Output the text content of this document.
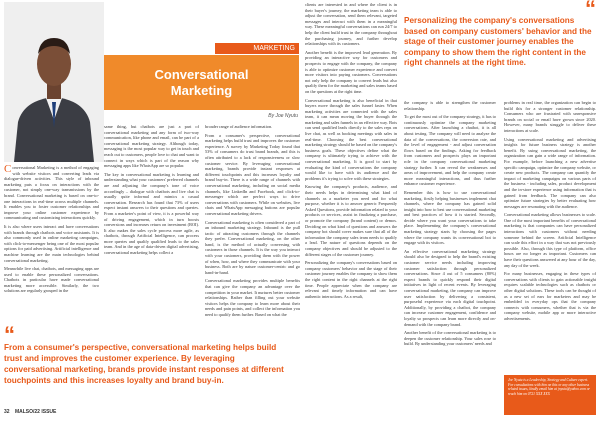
MARKETING
Conversational
Marketing
By Joe Nyutu

Conversational Marketing is a method of engaging with website visitors and converting leads via dialogue-driven activities. This style of inbound marketing puts a focus on interactions with the customer, not simply one-way transmissions by the brand. Conversational marketing is based on one-to-one interactions in real-time across multiple channels. It enables you to foster customer relationships and improve your online customer experience by communicating and customizing interactions quickly.

It is also where users interact and have conversations with brands through chatbots and voice assistants. It is also commonly used in online marketing campaigns, with click-to-messenger being one of the most popular options for paid advertising. Artificial intelligence and machine learning are the main technologies behind conversational marketing.

Meanwhile live chat, chatbots, and messaging apps are used to enable these personalized conversations. Chatbots in particular have made conversational marketing more accessible. Similarly, the two solutions are regularly grouped in the

same thing, but chatbots are just a part of conversational marketing and any form of two-way communication, like phone and email, can be part of a conversational marketing strategy. Although today, messaging is the most popular way to get in touch and reach out to customers, people love to chat and want to connect in ways which is part of the reason why messaging apps like WhatsApp are so popular.

The key in conversational marketing is learning and understanding what your customers' preferred channels are and adjusting the company's tone of voice accordingly – dialogue with chatbots and live chat is usually quite informal and mimics a casual conversation. Research has found that 73% of users expect instant answers to their questions and queries. From a marketer's point of view, it is a powerful way of driving engagement, which in turn boosts conversions and increases return on investment (ROI). It also makes the sales cycle process more agile, as chatbots, through Artificial Intelligence, can process more queries and qualify qualified leads to the sales team. And in the age of data-driven digital advertising, conversational marketing helps collect a

broader range of audience information.

From a consumer's perspective, conversational marketing helps build trust and improves the customer experience. A survey by Marketing Today found that 53% of consumers do trust brand brands, and this is often attributed to a lack of responsiveness or slow customer service. By leveraging conversational marketing, brands provide instant responses at different touchpoints and this increases loyalty and brand buy-in. There is a wide range of channels with conversational marketing, including on social media channels, like LinkedIn and Facebook, and click-to-messenger which are perfect ways to drive conversations with customers. While on websites, live chats and WhatsApp messaging buttons are popular conversational marketing drivers.

Conversational marketing is often considered a part of an inbound marketing strategy. Inbound is the pull tactic of attracting customers through the channels they prefer. Conversational marketing, on the other hand, is the method of actually conversing with customers in those channels. It is the way you interact with your customers, providing them with the power of when, how, and where they communicate with your business. Both are by nature customer-centric and go hand-in-hand.

Conversational marketing provides multiple benefits that can give the company an advantage over the competition in your market. It nurtures better customer relationships. Rather than filling out your website visitors helps the company to learn more about their needs and pain points, and collect the information you need to qualify them further. Based on what the

“
From a consumer's perspective, conversational marketing helps build trust and improves the customer experience. By leveraging conversational marketing, brands provide instant responses at different touchpoints and this increases loyalty and brand buy-in.

clients are interested in and where the client is in their buyer's journey, the marketing team is able to adjust the conversation, send them relevant, targeted messages and interact with them in a meaningful way. These meaningful conversations can run 24/7 to help the client build trust in the company throughout the purchasing journey, and further develop relationships with its customers.

Another benefit is the improved lead generation. By providing an interactive way for customers and prospects to engage with the company, the company is able to optimize customer experience and convert more visitors into paying customers. Conversations not only help the company to convert leads but also qualify them for the marketing and sales teams based on the questions at the right time.

Conversational marketing is also beneficial in that buyers move through the sales funnel faster. When marketing activities are connected with the sales team, it can mean moving the buyer through the marketing and sales funnels in an effective way. Bots can send qualified leads directly to the sales reps on live chat, as well as booking meetings with sales in real-time. Choosing the best conversational marketing strategy should be based on the company's business goals. These objectives define what the company is ultimately trying to achieve with the conversational marketing. It is good to start by evaluating the kind of conversations the company would like to have with its audience and the problems it's trying to solve with these strategies.

Knowing the company's products, audience, and their needs helps in determining what kind of channels as a marketer you need and for what purpose, whether it is to answer generic Frequently Asked Questions, provide information related to your products or services, assist in finalizing a purchase, or promote the company (brand content) or demos. Deciding on what kind of questions and answers the company bot should cover makes sure that all of the information the company sales team needs to qualify a lead. The nature of questions depends on the company objectives and should be adjusted to the different stages of the customer journey.

Personalizing the company's conversations based on company customers' behavior and the stage of their customer journey enables the company to show them the right content in the right channels at the right time. People appreciate when the company are relevant and timely information and can have authentic interactions. As a result,

“
Personalizing the company's conversations based on company customers' behavior and the stage of their customer journey enables the company to show them the right content in the right channels at the right time.

the company is able to strengthen the customer relationship.

To get the most out of the company strategy, it has to continuously optimize the company marketing conversations. After launching a chatbot, it is all about testing. The company will need to analyze the data of the conversations, the conversion rate, and the level of engagement - and adjust conversation flows based on the findings. Asking for feedback from customers and prospects plays an important role in the company conversational marketing strategy further. It can reveal the weaknesses and areas of improvement, and help the company create more meaningful interactions, and thus further enhance customer experience.

Remember this is how to use conversational marketing, firstly helping businesses implement chat channels, where the company has gained solid insight into how to best use conversational marketing and best practices of how it is started. Secondly, decide where you want your conversations to take place. Implementing the company's conversational marketing strategy starts by choosing the pages where the company wants its conversational bot to engage with its visitors.

An effective conversational marketing strategy should also be designed to help the brand's existing customer service needs including improving customer satisfaction through personalized conversations. Since 4 out of 5 consumers (80%) expect brands to quickly respond their digital initiatives in light of recent events. By leveraging conversational marketing, the company can improve user satisfaction by delivering a consistent, purposeful experience via each digital touchpoint. Additionally, by providing a chatbot, the company can increase customer engagement, confidence and loyalty so prospects can learn more directly and on-demand with the company brand.

Another benefit of the conversational marketing is to deepen the customer relationship. Your sales rose to build. By understanding your customers' needs and

problems in real time, the organization can begin to build this for a stronger customer relationship. Consumers who are frustrated with unresponsive brands on social or email have grown since 2020. However, many brands struggle to deliver these interactions at scale.

Using conversational marketing and advertising insights for future business strategy is another benefit. By using conversational marketing, the organization can gain a wide range of information. For example, before launching a new advertise specific campaign, optimize the company website, or create new products. The company can quantify the impact of marketing campaigns on various parts of the business - including sales, product development and the in-store experience using information that is gained from feedback. The company can also optimize future strategies by better evaluating how messages are resonating with the audience.

Conversational marketing allows businesses to scale. One of the most important benefits of conversational marketing is that companies can have personalized interactions with customers without needing someone behind the screen. Artificial Intelligence can scale this effort in a way that was not previously possible. Also, through this type of platform, office hours are no longer as important. Customers can have their questions answered at any hour of the day, any day of the week.

For many businesses, engaging in these types of conversations with clients to gain actionable insight requires scalable technologies such as chatbots or other digital solutions. These tools can be thought of as a new set of ears for marketers and may be embedded in everyday ops that the company connects with consumers, whether that is via the company website, mobile app or more interactive advertisements.

Joe Nyutu is a Leadership, Strategy and Culture expert. For consultations with him on this or any other business related issues, kindly email him at jnyutu@yahoo.com or reach him on 0721 XXX XXX
32 MALSO/22 ISSUE
